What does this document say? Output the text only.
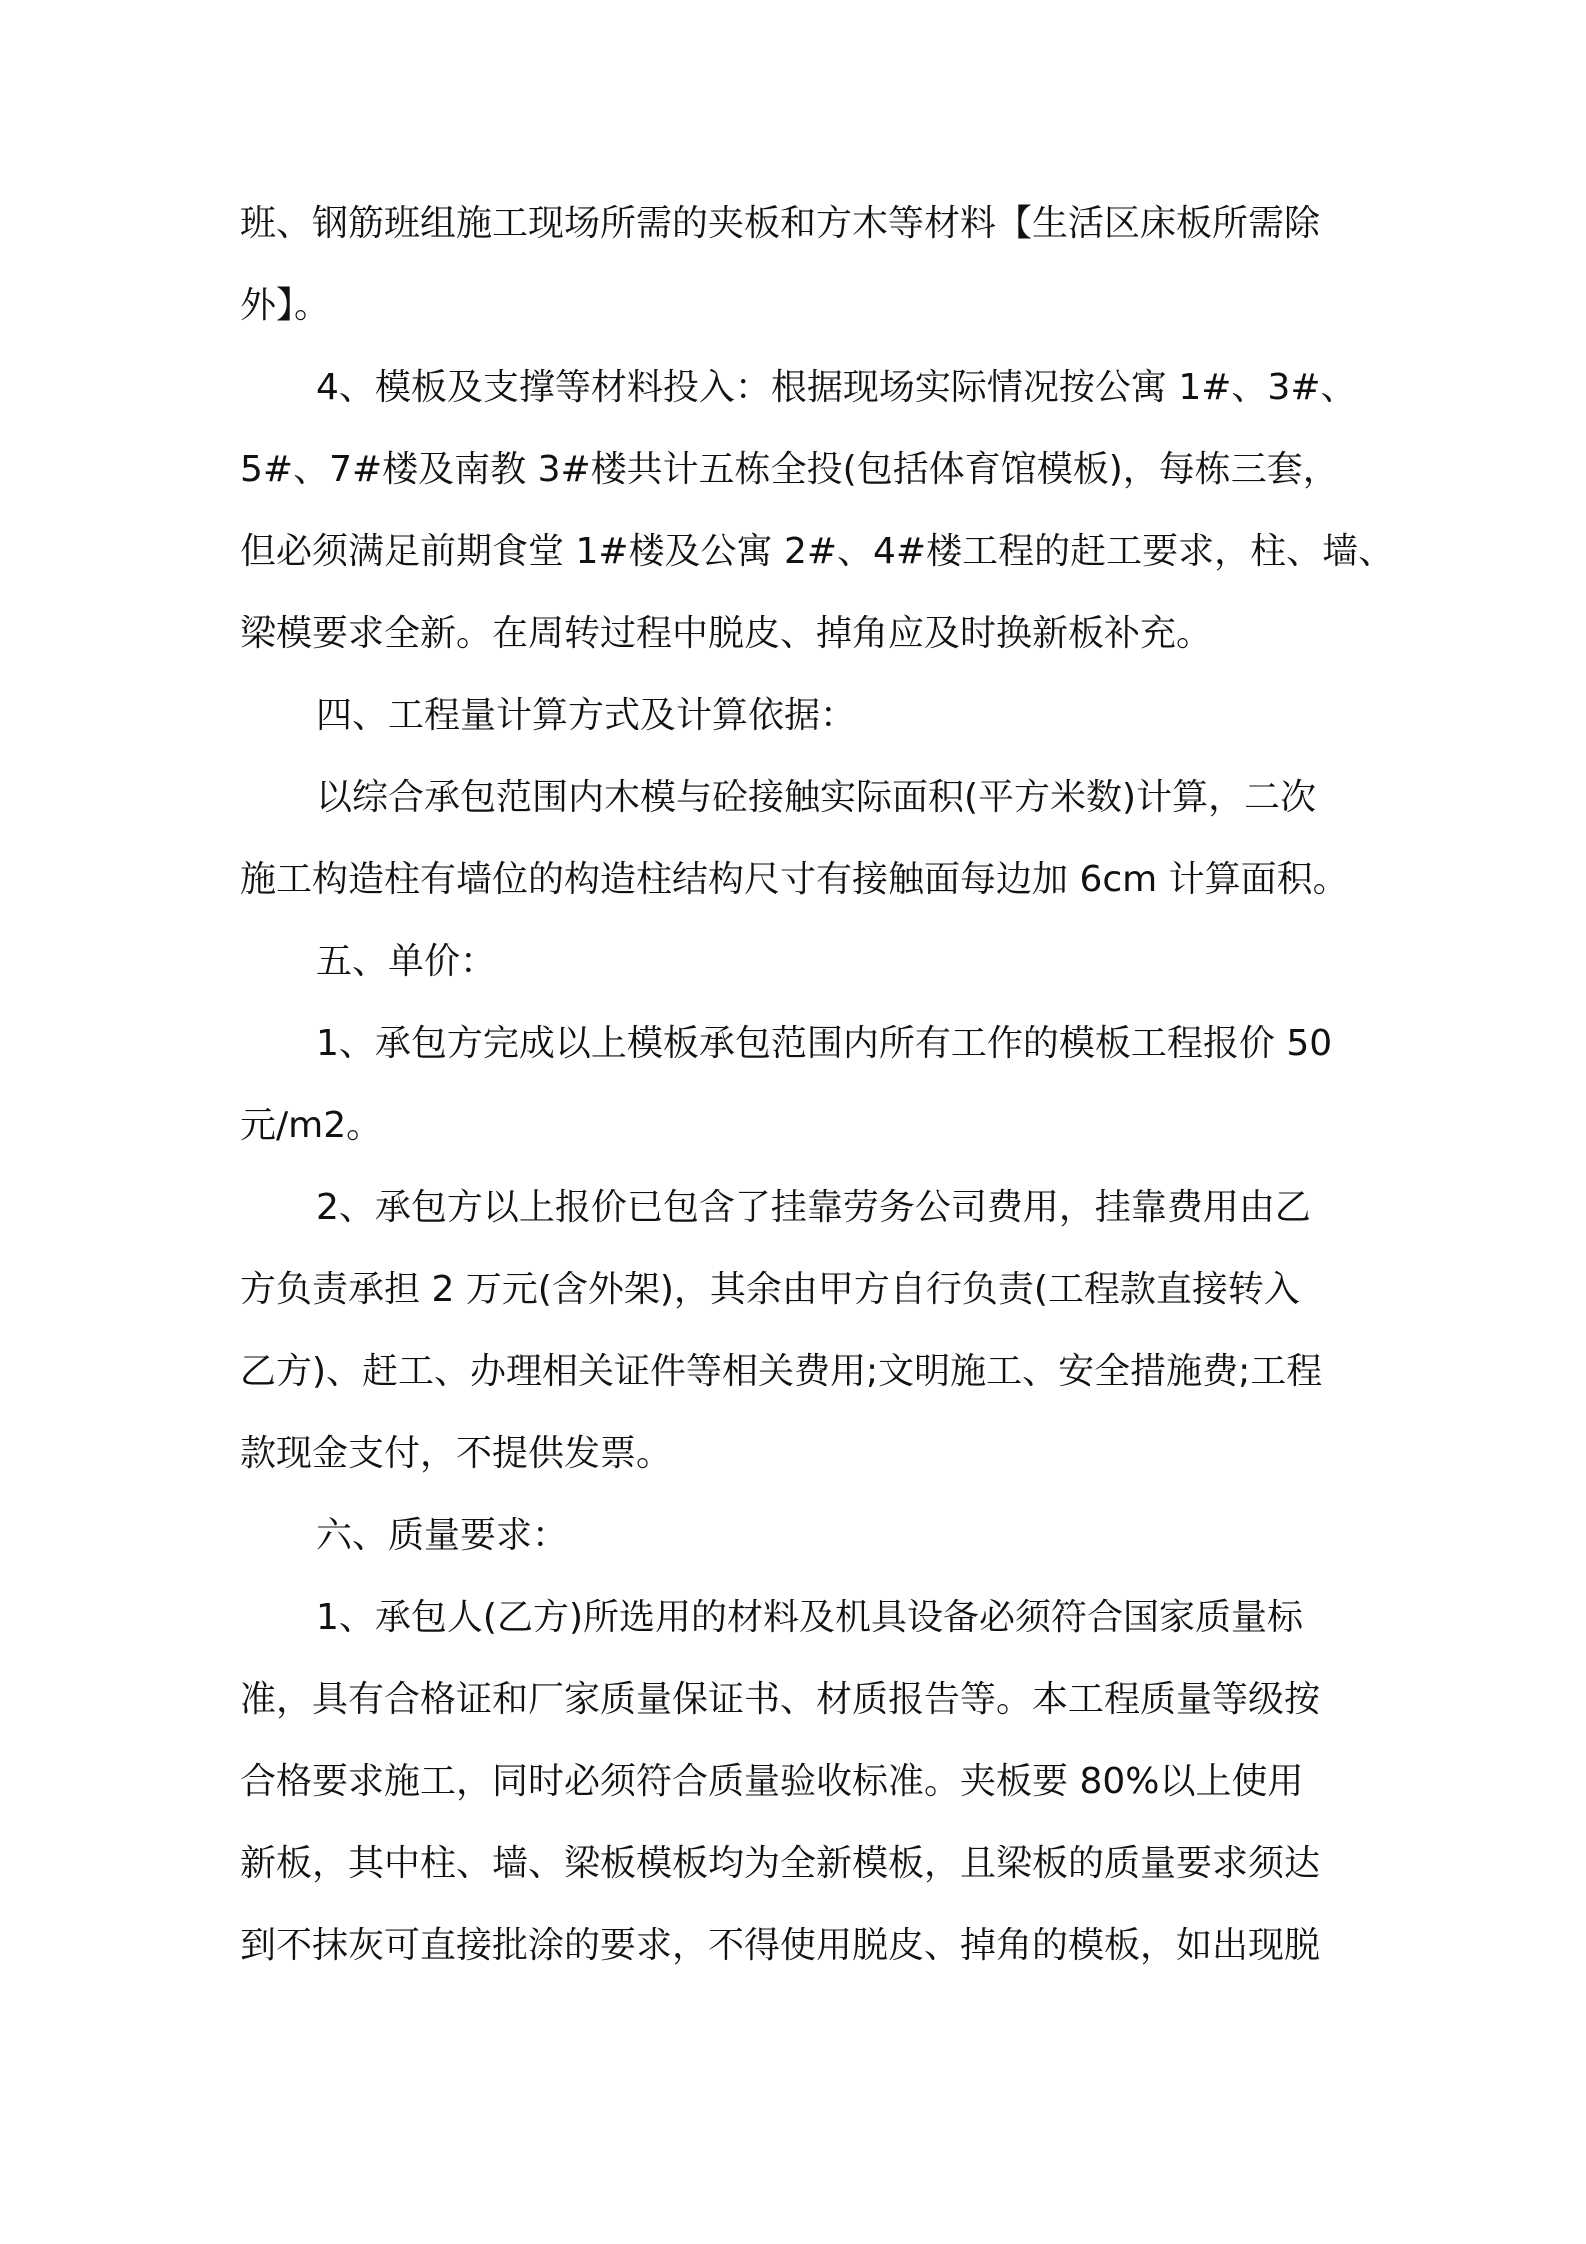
班、钢筋班组施工现场所需的夹板和方木等材料【生活区床板所需除
外】。
4、模板及支撑等材料投入：根据现场实际情况按公寓 1#、3#、
5#、7#楼及南教 3#楼共计五栋全投(包括体育馆模板)，每栋三套，
但必须满足前期食堂 1#楼及公寓 2#、4#楼工程的赶工要求，柱、墙、
梁模要求全新。在周转过程中脱皮、掉角应及时换新板补充。
四、工程量计算方式及计算依据：
以综合承包范围内木模与砼接触实际面积(平方米数)计算，二次
施工构造柱有墙位的构造柱结构尺寸有接触面每边加 6cm 计算面积。
五、单价：
1、承包方完成以上模板承包范围内所有工作的模板工程报价 50
元/m2。
2、承包方以上报价已包含了挂靠劳务公司费用，挂靠费用由乙
方负责承担 2 万元(含外架)，其余由甲方自行负责(工程款直接转入
乙方)、赶工、办理相关证件等相关费用;文明施工、安全措施费;工程
款现金支付，不提供发票。
六、质量要求：
1、承包人(乙方)所选用的材料及机具设备必须符合国家质量标
准，具有合格证和厂家质量保证书、材质报告等。本工程质量等级按
合格要求施工，同时必须符合质量验收标准。夹板要 80%以上使用
新板，其中柱、墙、梁板模板均为全新模板，且梁板的质量要求须达
到不抹灰可直接批涂的要求，不得使用脱皮、掉角的模板，如出现脱
